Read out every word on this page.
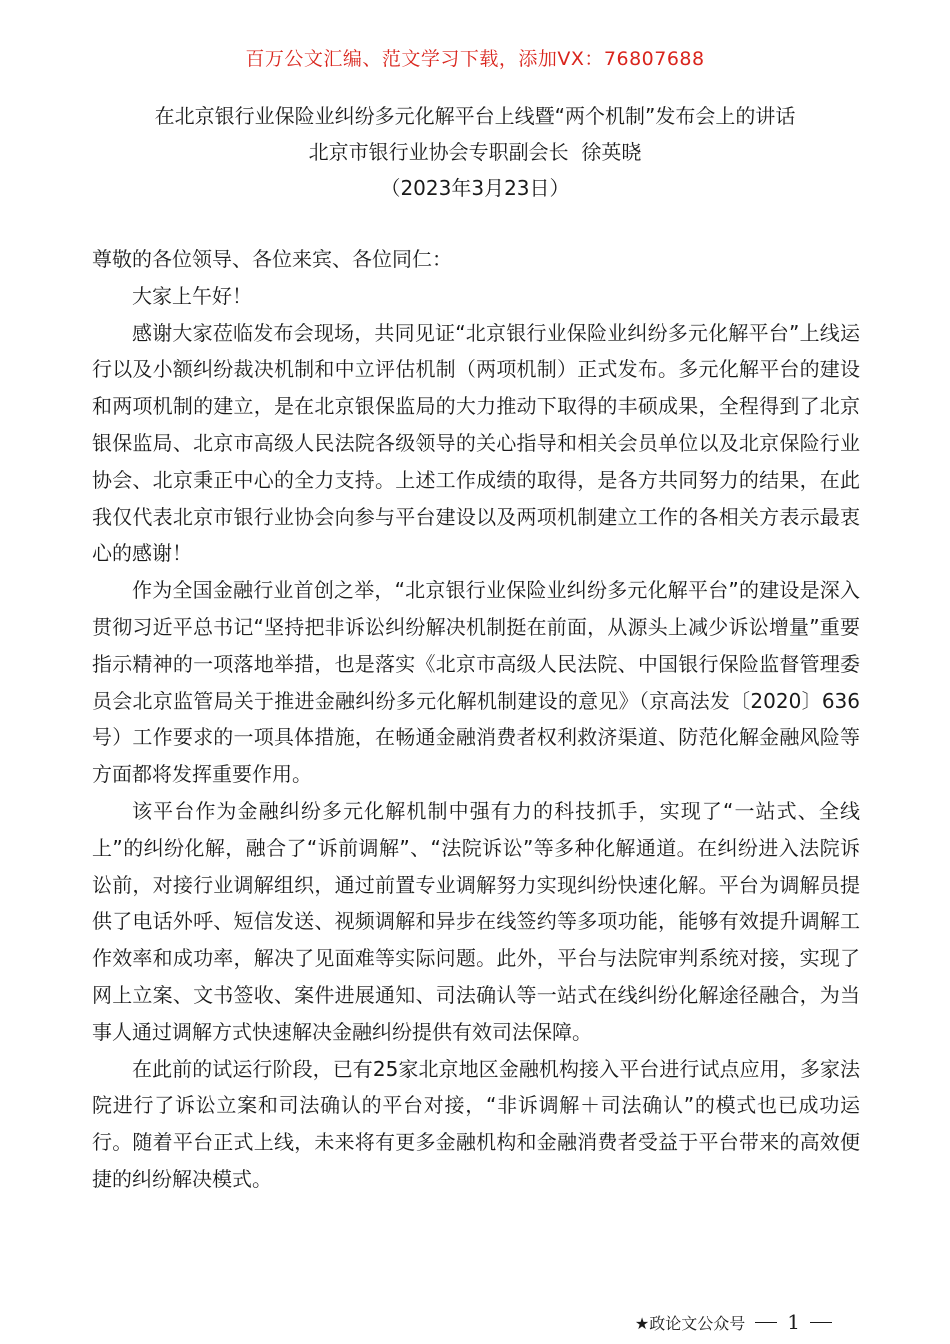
百万公文汇编、范文学习下载，添加VX：76807688
在北京银行业保险业纠纷多元化解平台上线暨“两个机制”发布会上的讲话
北京市银行业协会专职副会长  徐英晓
（2023年3月23日）

尊敬的各位领导、各位来宾、各位同仁：

大家上午好！

感谢大家莅临发布会现场，共同见证“北京银行业保险业纠纷多元化解平台”上线运行以及小额纠纷裁决机制和中立评估机制（两项机制）正式发布。多元化解平台的建设和两项机制的建立，是在北京银保监局的大力推动下取得的丰硕成果，全程得到了北京银保监局、北京市高级人民法院各级领导的关心指导和相关会员单位以及北京保险行业协会、北京秉正中心的全力支持。上述工作成绩的取得，是各方共同努力的结果，在此我仅代表北京市银行业协会向参与平台建设以及两项机制建立工作的各相关方表示最衷心的感谢！

作为全国金融行业首创之举，“北京银行业保险业纠纷多元化解平台”的建设是深入贯彻习近平总书记“坚持把非诉讼纠纷解决机制挺在前面，从源头上减少诉讼增量”重要指示精神的一项落地举措，也是落实《北京市高级人民法院、中国银行保险监督管理委员会北京监管局关于推进金融纠纷多元化解机制建设的意见》（京高法发〔2020〕636号）工作要求的一项具体措施，在畅通金融消费者权利救济渠道、防范化解金融风险等方面都将发挥重要作用。

该平台作为金融纠纷多元化解机制中强有力的科技抓手，实现了“一站式、全线上”的纠纷化解，融合了“诉前调解”、“法院诉讼”等多种化解通道。在纠纷进入法院诉讼前，对接行业调解组织，通过前置专业调解努力实现纠纷快速化解。平台为调解员提供了电话外呼、短信发送、视频调解和异步在线签约等多项功能，能够有效提升调解工作效率和成功率，解决了见面难等实际问题。此外，平台与法院审判系统对接，实现了网上立案、文书签收、案件进展通知、司法确认等一站式在线纠纷化解途径融合，为当事人通过调解方式快速解决金融纠纷提供有效司法保障。

在此前的试运行阶段，已有25家北京地区金融机构接入平台进行试点应用，多家法院进行了诉讼立案和司法确认的平台对接，“非诉调解＋司法确认”的模式也已成功运行。随着平台正式上线，未来将有更多金融机构和金融消费者受益于平台带来的高效便捷的纠纷解决模式。

★政论文公众号 1
